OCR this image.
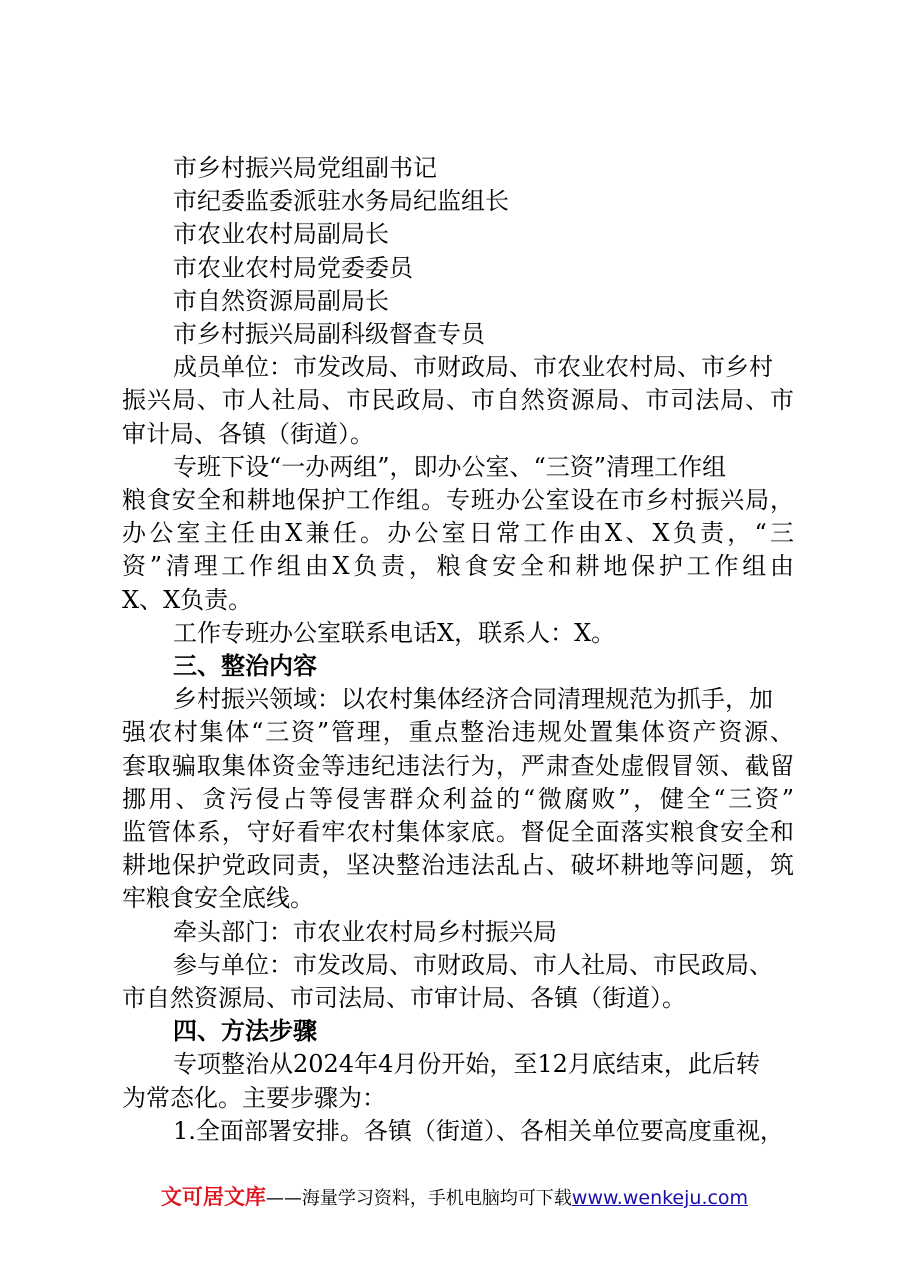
市乡村振兴局党组副书记
市纪委监委派驻水务局纪监组长
市农业农村局副局长
市农业农村局党委委员
市自然资源局副局长
市乡村振兴局副科级督查专员
成员单位：市发改局、市财政局、市农业农村局、市乡村
振兴局、市人社局、市民政局、市自然资源局、市司法局、市
审计局、各镇（街道）。
专班下设“一办两组”，即办公室、“三资”清理工作组
粮食安全和耕地保护工作组。专班办公室设在市乡村振兴局，
办公室主任由X兼任。办公室日常工作由X、X负责，“三
资”清理工作组由X负责，粮食安全和耕地保护工作组由
X、X负责。
工作专班办公室联系电话X，联系人：X。
三、整治内容
乡村振兴领域：以农村集体经济合同清理规范为抓手，加
强农村集体“三资”管理，重点整治违规处置集体资产资源、
套取骗取集体资金等违纪违法行为，严肃查处虚假冒领、截留
挪用、贪污侵占等侵害群众利益的“微腐败”，健全“三资”
监管体系，守好看牢农村集体家底。督促全面落实粮食安全和
耕地保护党政同责，坚决整治违法乱占、破坏耕地等问题，筑
牢粮食安全底线。
牵头部门：市农业农村局乡村振兴局
参与单位：市发改局、市财政局、市人社局、市民政局、
市自然资源局、市司法局、市审计局、各镇（街道）。
四、方法步骤
专项整治从2024年4月份开始，至12月底结束，此后转
为常态化。主要步骤为：
1.全面部署安排。各镇（街道）、各相关单位要高度重视，
文可居文库——海量学习资料，手机电脑均可下载www.wenkeju.com
